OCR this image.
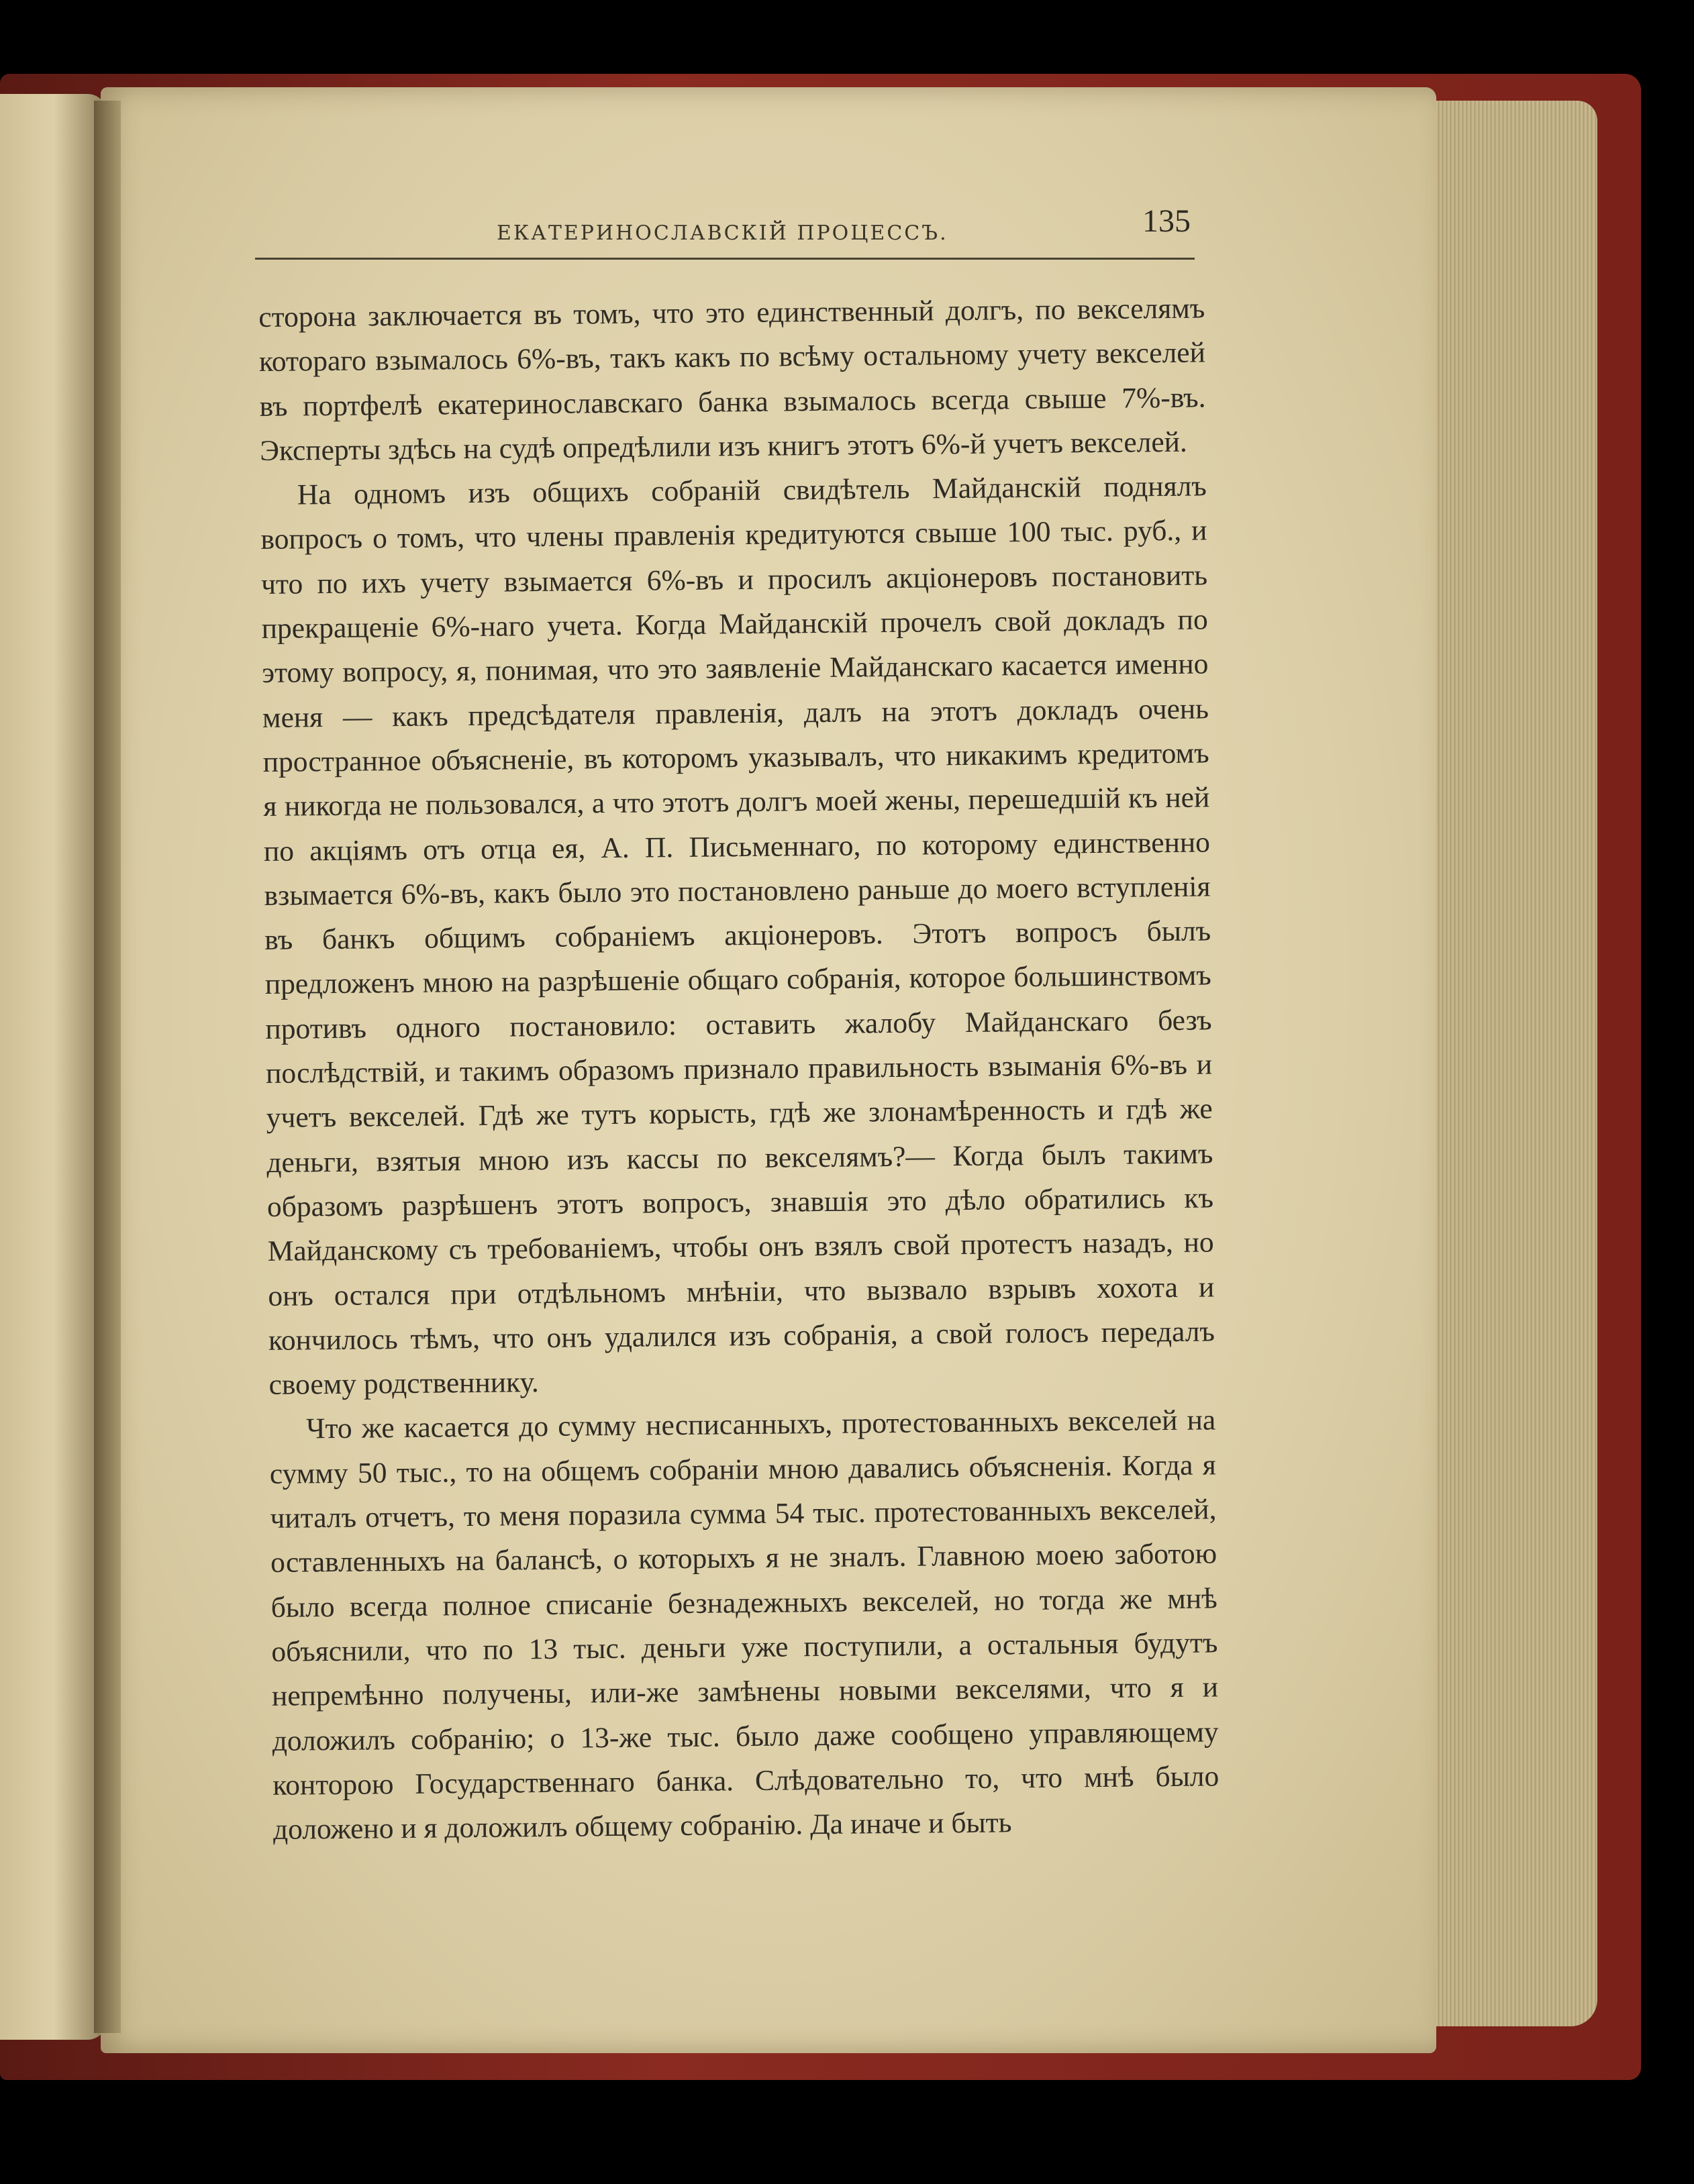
ЕКАТЕРИНОСЛАВСКІЙ ПРОЦЕССЪ.	135

сторона заключается въ томъ, что это единственный долгъ, по векселямъ котораго взымалось 6%-въ, такъ какъ по всѣму остальному учету векселей въ портфелѣ екатеринославскаго банка взымалось всегда свыше 7%-въ. Эксперты здѣсь на судѣ опредѣлили изъ книгъ этотъ 6%-й учетъ векселей.

На одномъ изъ общихъ собраній свидѣтель Майданскій поднялъ вопросъ о томъ, что члены правленія кредитуются свыше 100 тыс. руб., и что по ихъ учету взымается 6%-въ и просилъ акціонеровъ постановить прекращеніе 6%-наго учета. Когда Майданскій прочелъ свой докладъ по этому вопросу, я, понимая, что это заявленіе Майданскаго касается именно меня — какъ предсѣдателя правленія, далъ на этотъ докладъ очень пространное объясненіе, въ которомъ указывалъ, что никакимъ кредитомъ я никогда не пользовался, а что этотъ долгъ моей жены, перешедшій къ ней по акціямъ отъ отца ея, А. П. Письменнаго, по которому единственно взымается 6%-въ, какъ было это постановлено раньше до моего вступленія въ банкъ общимъ собраніемъ акціонеровъ. Этотъ вопросъ былъ предложенъ мною на разрѣшеніе общаго собранія, которое большинствомъ противъ одного постановило: оставить жалобу Майданскаго безъ послѣдствій, и такимъ образомъ признало правильность взыманія 6%-въ и учетъ векселей. Гдѣ же тутъ корысть, гдѣ же злонамѣренность и гдѣ же деньги, взятыя мною изъ кассы по векселямъ?— Когда былъ такимъ образомъ разрѣшенъ этотъ вопросъ, знавшія это дѣло обратились къ Майданскому съ требованіемъ, чтобы онъ взялъ свой протестъ назадъ, но онъ остался при отдѣльномъ мнѣніи, что вызвало взрывъ хохота и кончилось тѣмъ, что онъ удалился изъ собранія, а свой голосъ передалъ своему родственнику.

Что же касается до сумму несписанныхъ, протестованныхъ векселей на сумму 50 тыс., то на общемъ собраніи мною давались объясненія. Когда я читалъ отчетъ, то меня поразила сумма 54 тыс. протестованныхъ векселей, оставленныхъ на балансѣ, о которыхъ я не зналъ. Главною моею заботою было всегда полное списаніе безнадежныхъ векселей, но тогда же мнѣ объяснили, что по 13 тыс. деньги уже поступили, а остальныя будутъ непремѣнно получены, или-же замѣнены новыми векселями, что я и доложилъ собранію; о 13-же тыс. было даже сообщено управляющему конторою Государственнаго банка. Слѣдовательно то, что мнѣ было доложено и я доложилъ общему собранію. Да иначе и быть
